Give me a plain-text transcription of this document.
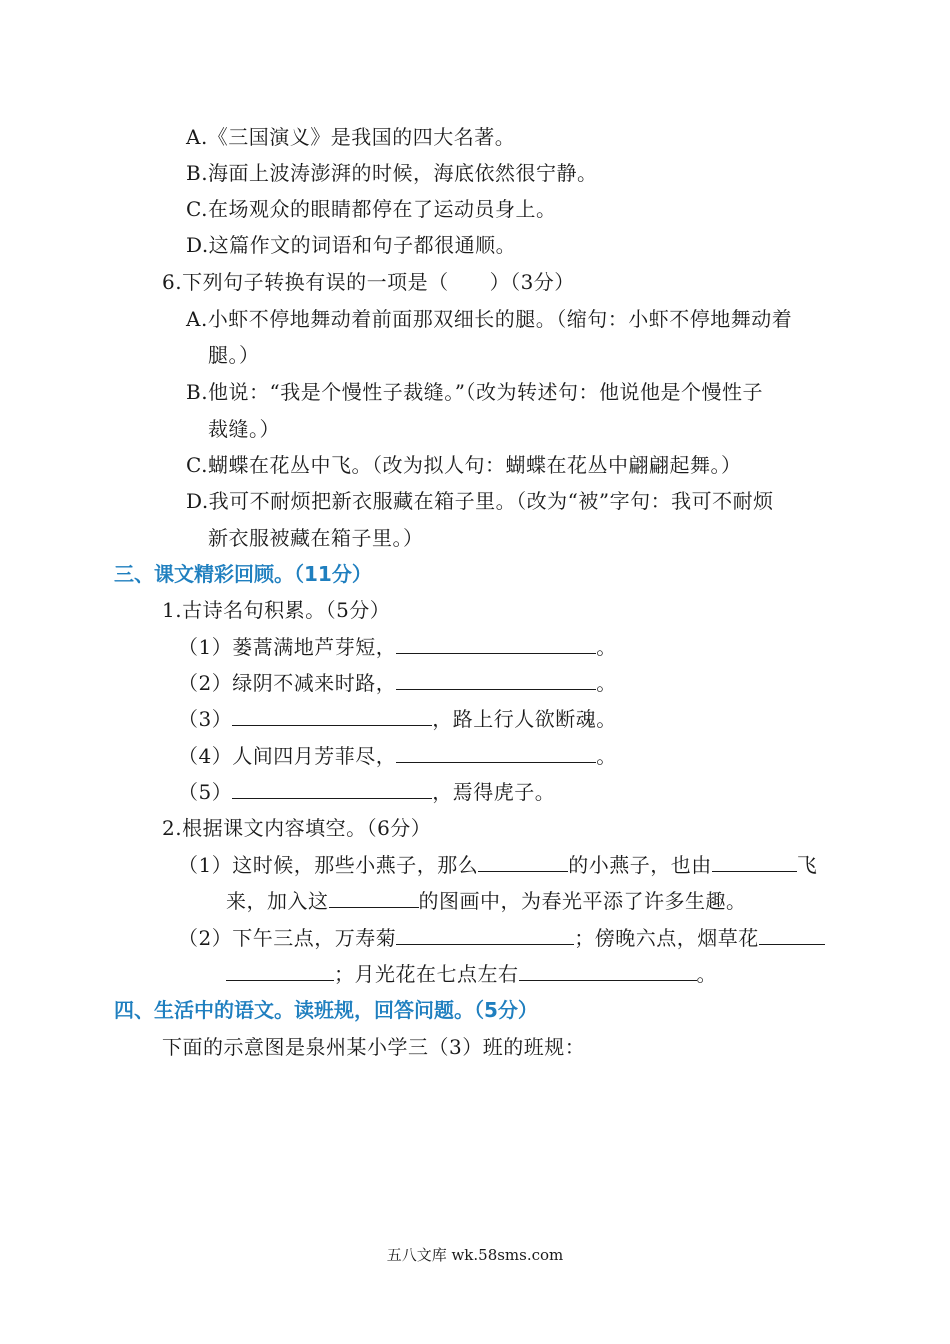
A.《三国演义》是我国的四大名著。
B.海面上波涛澎湃的时候，海底依然很宁静。
C.在场观众的眼睛都停在了运动员身上。
D.这篇作文的词语和句子都很通顺。
6.下列句子转换有误的一项是（　　）（3分）
A.小虾不停地舞动着前面那双细长的腿。（缩句：小虾不停地舞动着
腿。）
B.他说：“我是个慢性子裁缝。”（改为转述句：他说他是个慢性子
裁缝。）
C.蝴蝶在花丛中飞。（改为拟人句：蝴蝶在花丛中翩翩起舞。）
D.我可不耐烦把新衣服藏在箱子里。（改为“被”字句：我可不耐烦
新衣服被藏在箱子里。）
三、课文精彩回顾。（11分）
1.古诗名句积累。（5分）
（1）蒌蒿满地芦芽短，	。
（2）绿阴不减来时路，	。
（3）	，路上行人欲断魂。
（4）人间四月芳菲尽，	。
（5）	，焉得虎子。
2.根据课文内容填空。（6分）
（1）这时候，那些小燕子，那么	的小燕子，也由	飞
来，加入这	的图画中，为春光平添了许多生趣。
（2）下午三点，万寿菊	；傍晚六点，烟草花
；月光花在七点左右	。
四、生活中的语文。读班规，回答问题。（5分）
下面的示意图是泉州某小学三（3）班的班规：
五八文库 wk.58sms.com
